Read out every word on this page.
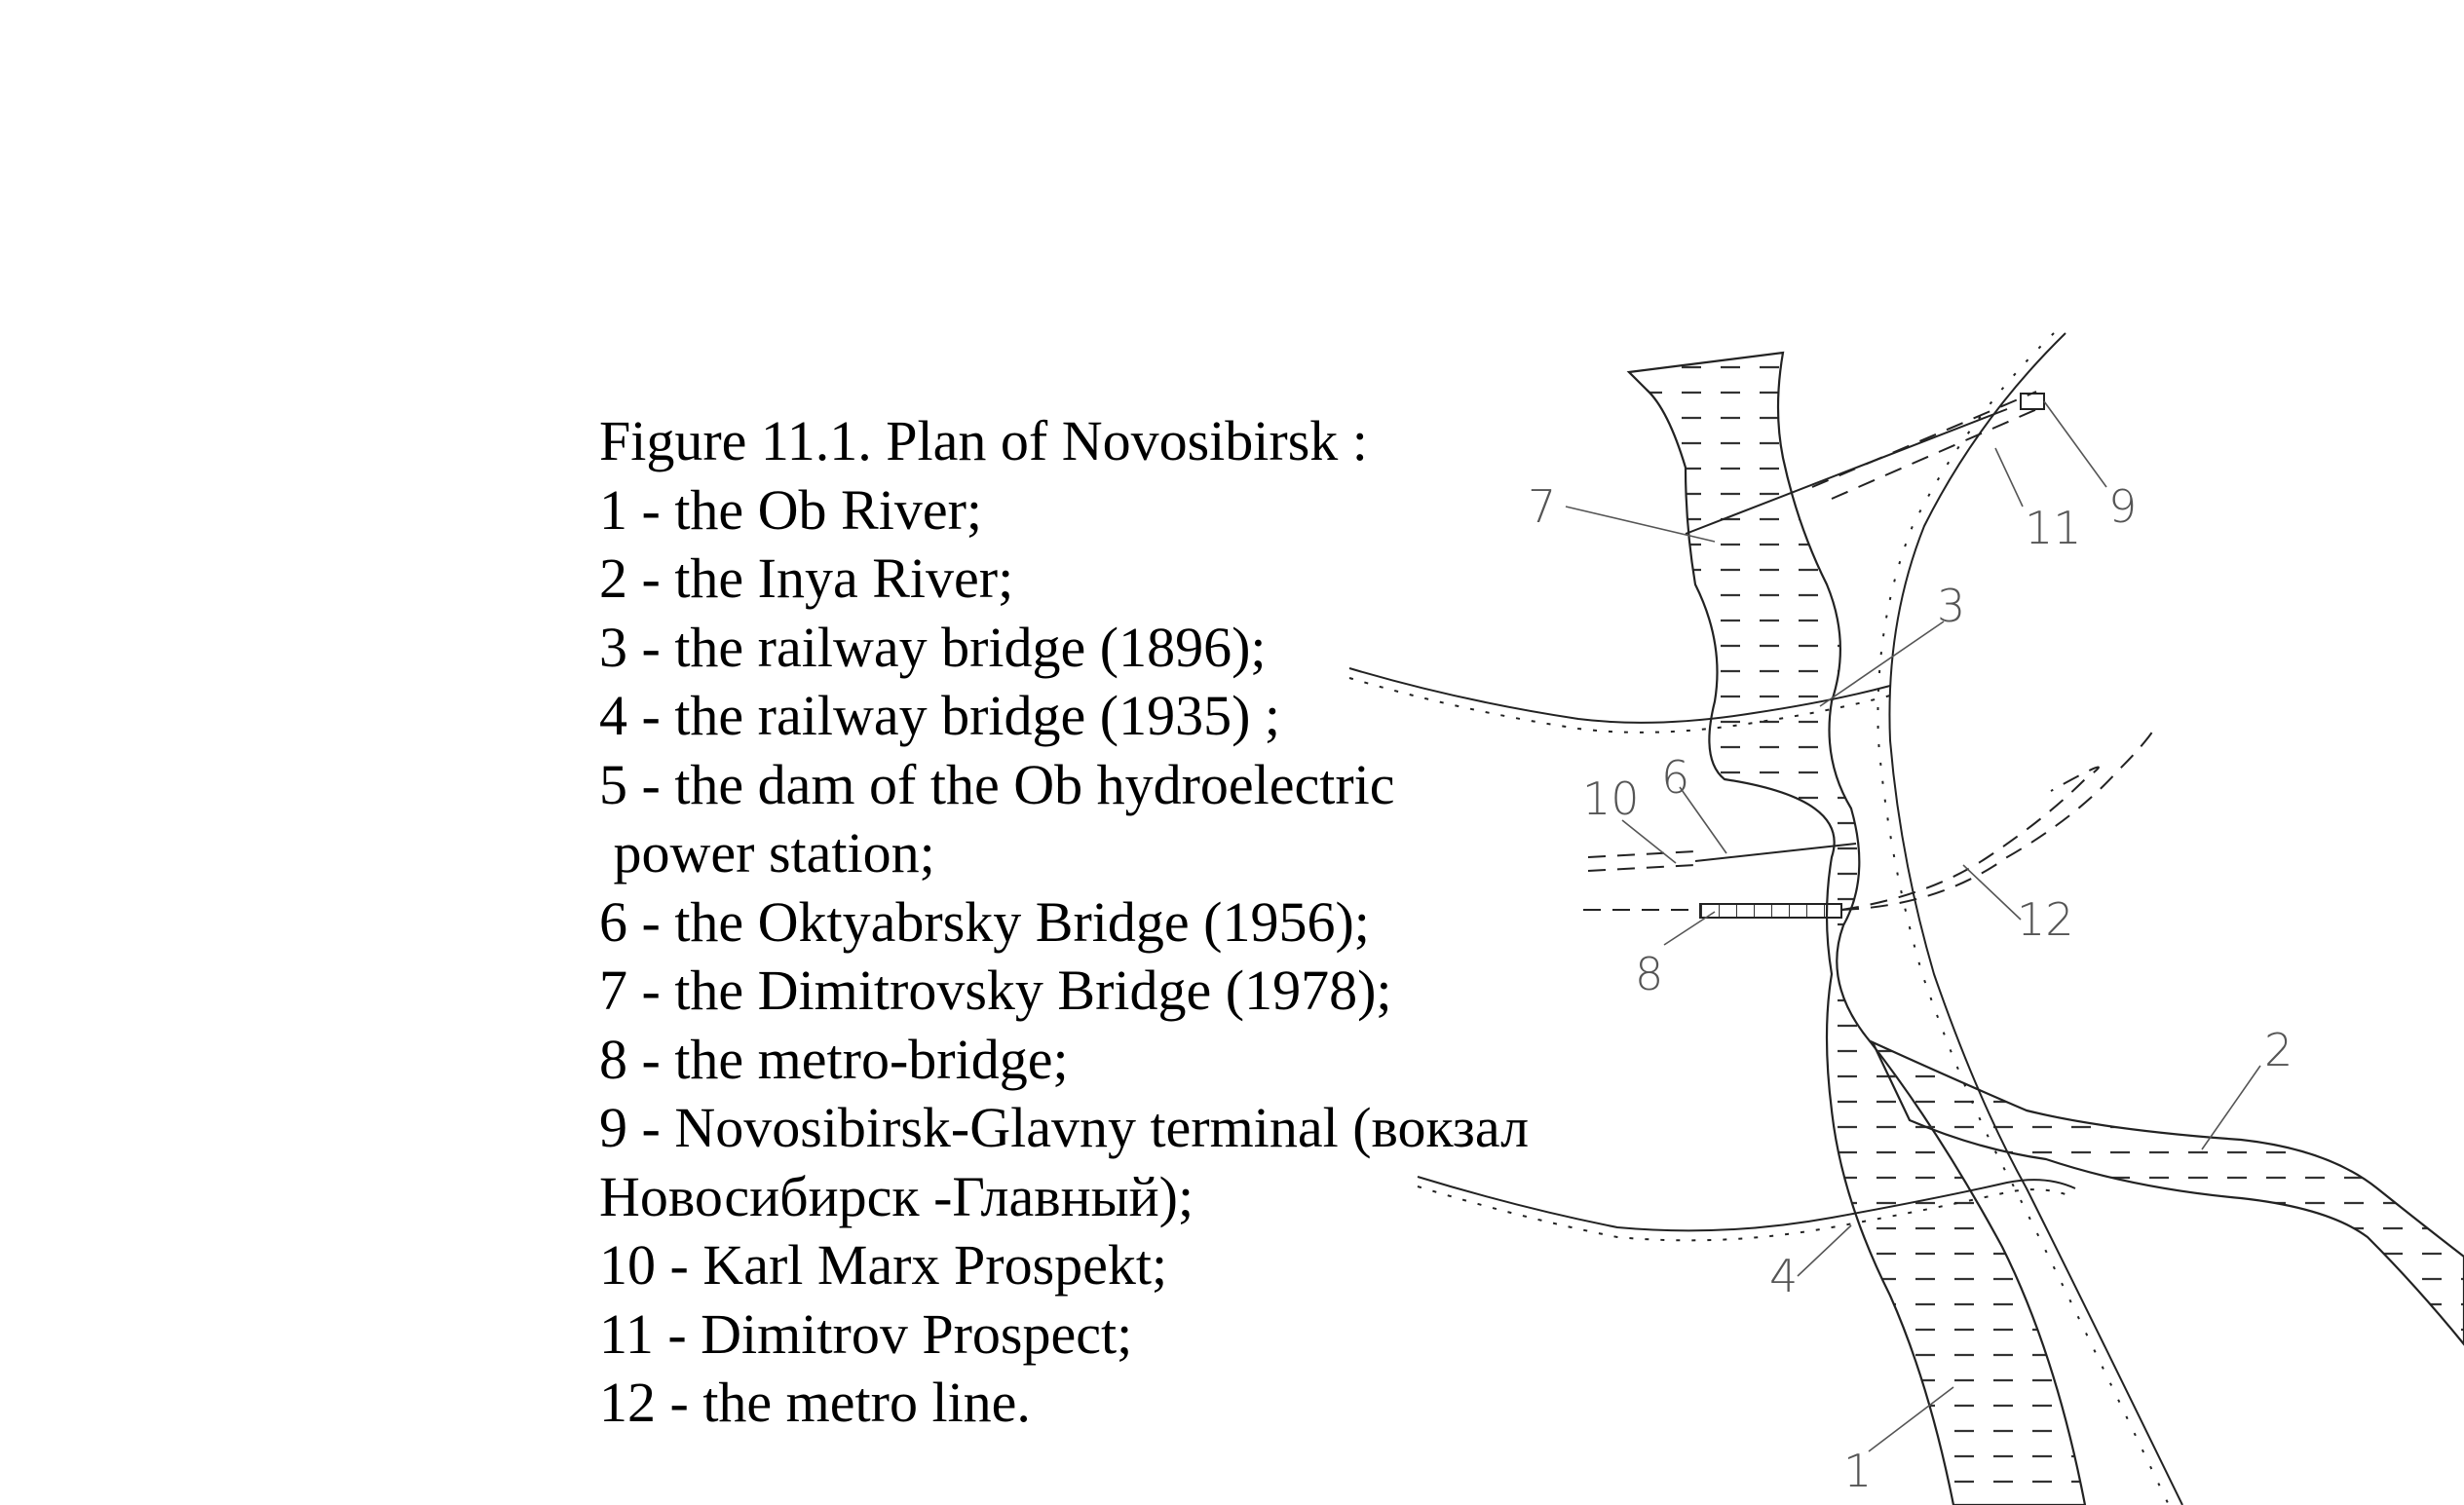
Figure 11.1. Plan of Novosibirsk :
1 - the Ob River;
2 - the Inya River;
3 - the railway bridge (1896);
4 - the railway bridge (1935) ;
5 - the dam of the Ob hydroelectric
power station;
6 - the Oktyabrsky Bridge (1956);
7 - the Dimitrovsky Bridge (1978);
8 - the metro-bridge;
9 - Novosibirsk-Glavny terminal (вокзал
Новосибирск -Главный);
10 - Karl Marx Prospekt;
11 - Dimitrov Prospect;
12 - the metro line.
7	11 9
3
10 6
8
12
2
4
1
